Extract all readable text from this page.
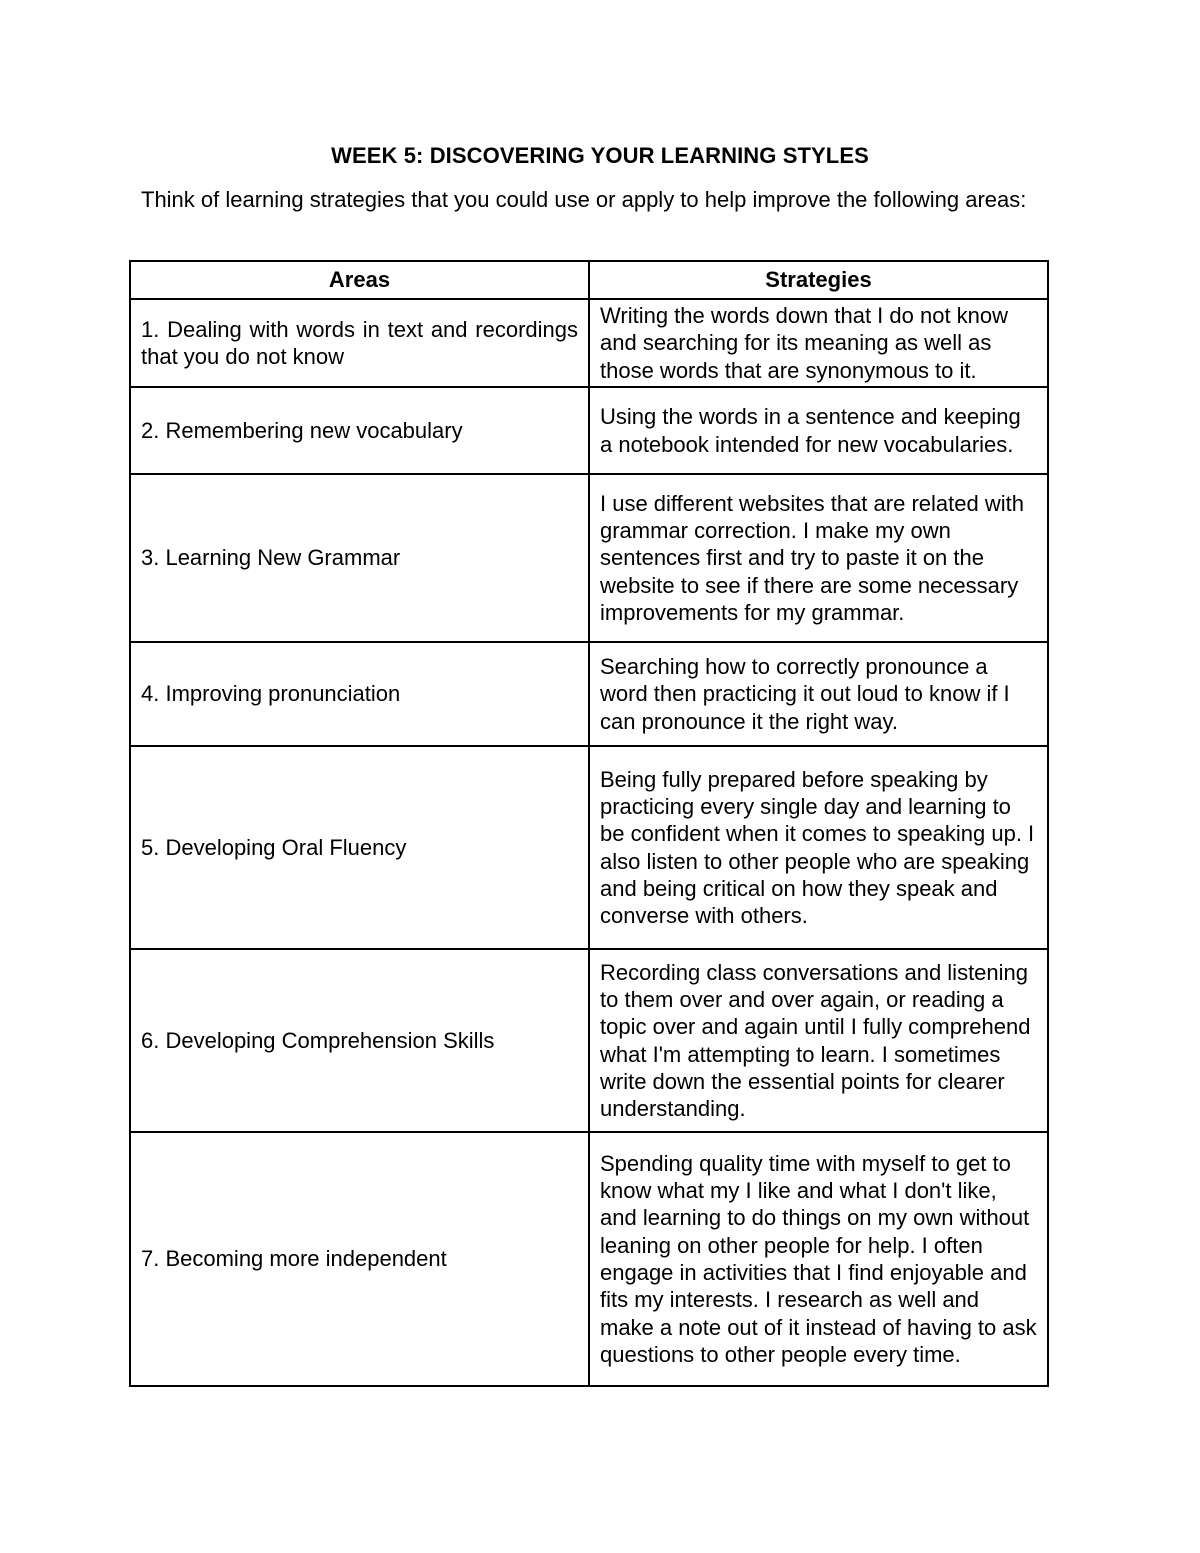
WEEK 5: DISCOVERING YOUR LEARNING STYLES

Think of learning strategies that you could use or apply to help improve the following areas:

Areas	Strategies
1. Dealing with words in text and recordings that you do not know	Writing the words down that I do not know and searching for its meaning as well as those words that are synonymous to it.
2. Remembering new vocabulary	Using the words in a sentence and keeping a notebook intended for new vocabularies.
3. Learning New Grammar	I use different websites that are related with grammar correction. I make my own sentences first and try to paste it on the website to see if there are some necessary improvements for my grammar.
4. Improving pronunciation	Searching how to correctly pronounce a word then practicing it out loud to know if I can pronounce it the right way.
5. Developing Oral Fluency	Being fully prepared before speaking by practicing every single day and learning to be confident when it comes to speaking up. I also listen to other people who are speaking and being critical on how they speak and converse with others.
6. Developing Comprehension Skills	Recording class conversations and listening to them over and over again, or reading a topic over and again until I fully comprehend what I'm attempting to learn. I sometimes write down the essential points for clearer understanding.
7. Becoming more independent	Spending quality time with myself to get to know what my I like and what I don't like, and learning to do things on my own without leaning on other people for help. I often engage in activities that I find enjoyable and fits my interests. I research as well and make a note out of it instead of having to ask questions to other people every time.
